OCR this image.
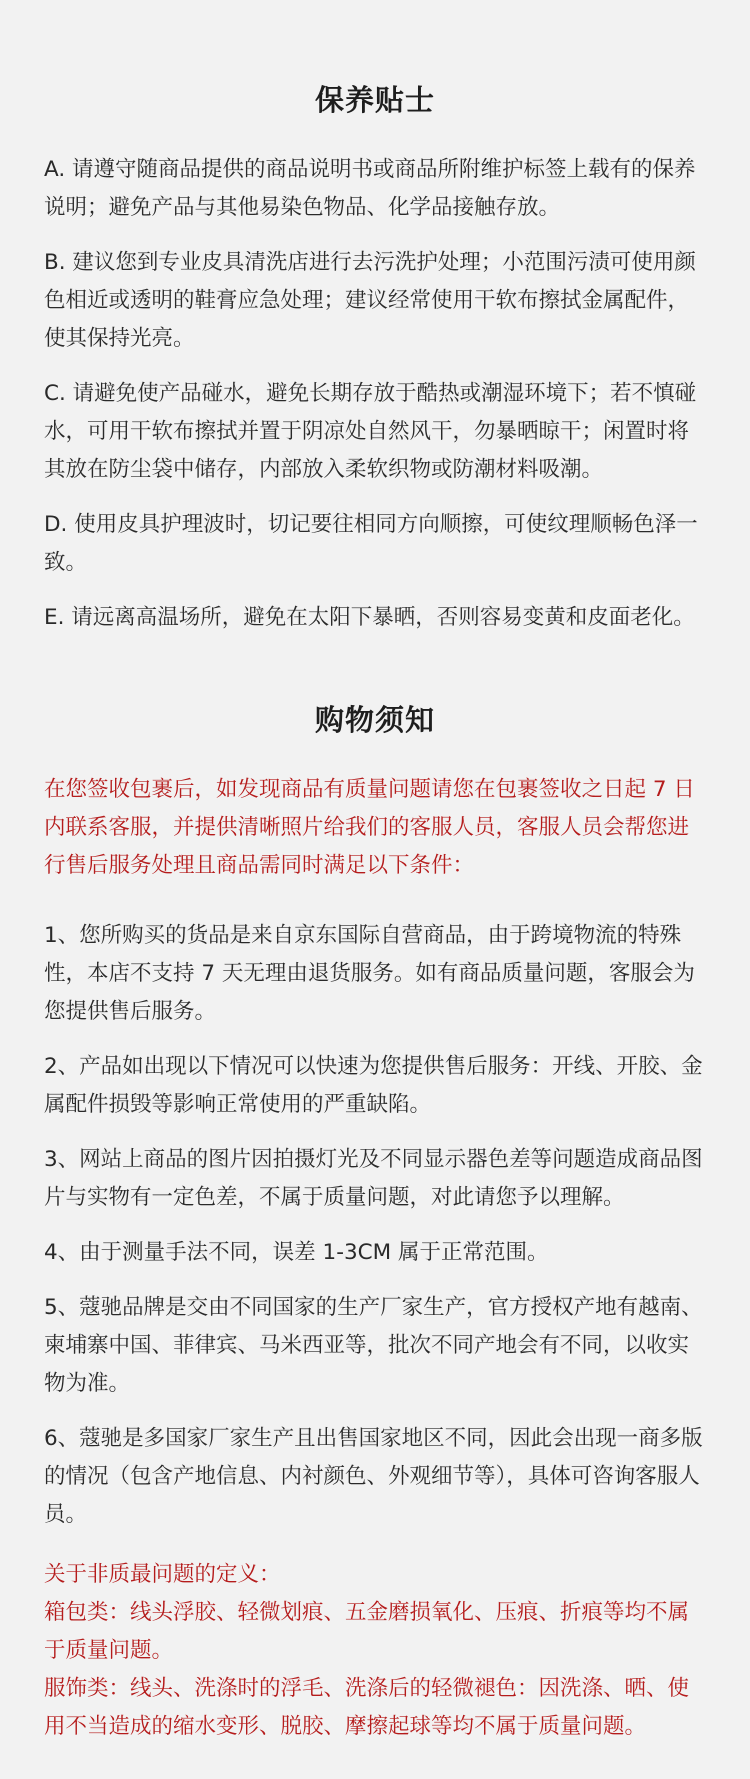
保养贴士

A. 请遵守随商品提供的商品说明书或商品所附维护标签上载有的保养说明；避免产品与其他易染色物品、化学品接触存放。

B. 建议您到专业皮具清洗店进行去污洗护处理；小范围污渍可使用颜色相近或透明的鞋膏应急处理；建议经常使用干软布擦拭金属配件，使其保持光亮。

C. 请避免使产品碰水，避免长期存放于酷热或潮湿环境下；若不慎碰水，可用干软布擦拭并置于阴凉处自然风干，勿暴晒晾干；闲置时将其放在防尘袋中储存，内部放入柔软织物或防潮材料吸潮。

D. 使用皮具护理波时，切记要往相同方向顺擦，可使纹理顺畅色泽一致。

E. 请远离高温场所，避免在太阳下暴晒，否则容易变黄和皮面老化。

购物须知

在您签收包裹后，如发现商品有质量问题请您在包裹签收之日起 7 日内联系客服，并提供清晰照片给我们的客服人员，客服人员会帮您进行售后服务处理且商品需同时满足以下条件：

1、您所购买的货品是来自京东国际自营商品，由于跨境物流的特殊性，本店不支持 7 天无理由退货服务。如有商品质量问题，客服会为您提供售后服务。

2、产品如出现以下情况可以快速为您提供售后服务：开线、开胶、金属配件损毁等影响正常使用的严重缺陷。

3、网站上商品的图片因拍摄灯光及不同显示器色差等问题造成商品图片与实物有一定色差，不属于质量问题，对此请您予以理解。

4、由于测量手法不同，误差 1-3CM 属于正常范围。

5、蔻驰品牌是交由不同国家的生产厂家生产，官方授权产地有越南、柬埔寨中国、菲律宾、马米西亚等，批次不同产地会有不同，以收实物为准。

6、蔻驰是多国家厂家生产且出售国家地区不同，因此会出现一商多版的情况（包含产地信息、内衬颜色、外观细节等），具体可咨询客服人员。

关于非质最问题的定义：

箱包类：线头浮胶、轻微划痕、五金磨损氧化、压痕、折痕等均不属于质量问题。

服饰类：线头、洗涤时的浮毛、洗涤后的轻微褪色：因洗涤、晒、使用不当造成的缩水变形、脱胶、摩擦起球等均不属于质量问题。
